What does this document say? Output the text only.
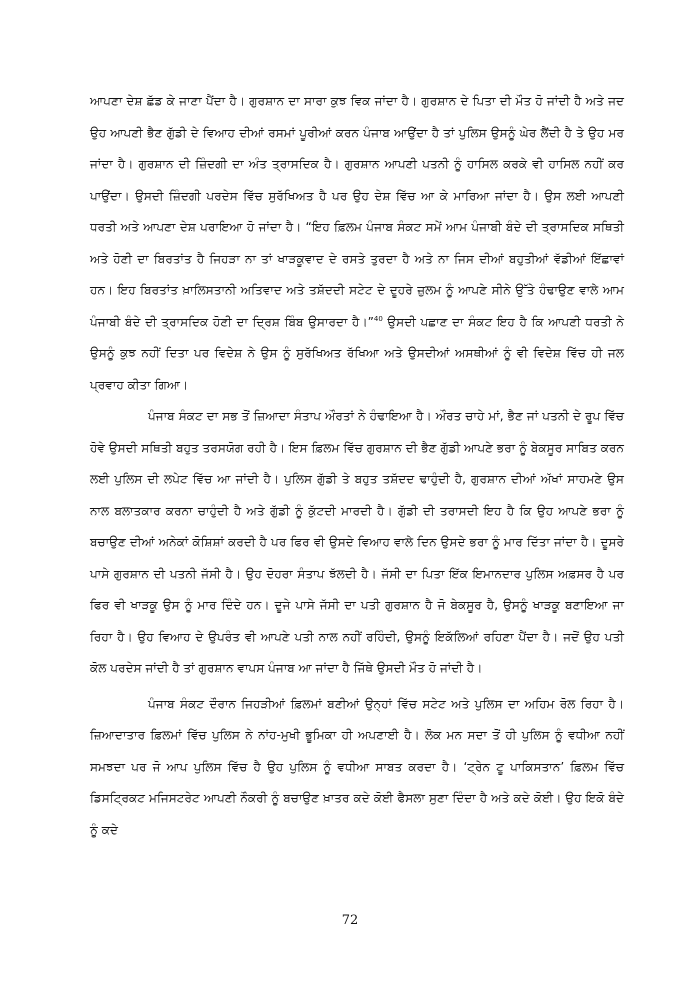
ਆਪਣਾ ਦੇਸ਼ ਛੱਡ ਕੇ ਜਾਣਾ ਪੈਂਦਾ ਹੈ। ਗੁਰਸ਼ਾਨ ਦਾ ਸਾਰਾ ਕੁਝ ਵਿਕ ਜਾਂਦਾ ਹੈ। ਗੁਰਸ਼ਾਨ ਦੇ ਪਿਤਾ ਦੀ ਮੌਤ ਹੋ ਜਾਂਦੀ ਹੈ ਅਤੇ ਜਦ ਉਹ ਆਪਣੀ ਭੈਣ ਗੁੱਡੀ ਦੇ ਵਿਆਹ ਦੀਆਂ ਰਸਮਾਂ ਪੂਰੀਆਂ ਕਰਨ ਪੰਜਾਬ ਆਉਂਦਾ ਹੈ ਤਾਂ ਪੁਲਿਸ ਉਸਨੂੰ ਘੇਰ ਲੈਂਦੀ ਹੈ ਤੇ ਉਹ ਮਰ ਜਾਂਦਾ ਹੈ। ਗੁਰਸ਼ਾਨ ਦੀ ਜ਼ਿੰਦਗੀ ਦਾ ਅੰਤ ਤ੍ਰਾਸਦਿਕ ਹੈ। ਗੁਰਸ਼ਾਨ ਆਪਣੀ ਪਤਨੀ ਨੂੰ ਹਾਸਿਲ ਕਰਕੇ ਵੀ ਹਾਸਿਲ ਨਹੀਂ ਕਰ ਪਾਉਂਦਾ। ਉਸਦੀ ਜ਼ਿੰਦਗੀ ਪਰਦੇਸ ਵਿੱਚ ਸੁਰੱਖਿਅਤ ਹੈ ਪਰ ਉਹ ਦੇਸ਼ ਵਿੱਚ ਆ ਕੇ ਮਾਰਿਆ ਜਾਂਦਾ ਹੈ। ਉਸ ਲਈ ਆਪਣੀ ਧਰਤੀ ਅਤੇ ਆਪਣਾ ਦੇਸ਼ ਪਰਾਇਆ ਹੋ ਜਾਂਦਾ ਹੈ। “ਇਹ ਫ਼ਿਲਮ ਪੰਜਾਬ ਸੰਕਟ ਸਮੇਂ ਆਮ ਪੰਜਾਬੀ ਬੰਦੇ ਦੀ ਤ੍ਰਾਸਦਿਕ ਸਥਿਤੀ ਅਤੇ ਹੋਣੀ ਦਾ ਬਿਰਤਾਂਤ ਹੈ ਜਿਹੜਾ ਨਾ ਤਾਂ ਖਾੜਕੂਵਾਦ ਦੇ ਰਸਤੇ ਤੁਰਦਾ ਹੈ ਅਤੇ ਨਾ ਜਿਸ ਦੀਆਂ ਬਹੁਤੀਆਂ ਵੱਡੀਆਂ ਇੱਛਾਵਾਂ ਹਨ। ਇਹ ਬਿਰਤਾਂਤ ਖ਼ਾਲਿਸਤਾਨੀ ਅਤਿਵਾਦ ਅਤੇ ਤਸ਼ੱਦਦੀ ਸਟੇਟ ਦੇ ਦੂਹਰੇ ਜ਼ੁਲਮ ਨੂੰ ਆਪਣੇ ਸੀਨੇ ਉੱਤੇ ਹੰਢਾਉਣ ਵਾਲੇ ਆਮ ਪੰਜਾਬੀ ਬੰਦੇ ਦੀ ਤ੍ਰਾਸਦਿਕ ਹੋਣੀ ਦਾ ਦ੍ਰਿਸ਼ ਬਿੰਬ ਉਸਾਰਦਾ ਹੈ।”$^{40}$ ਉਸਦੀ ਪਛਾਣ ਦਾ ਸੰਕਟ ਇਹ ਹੈ ਕਿ ਆਪਣੀ ਧਰਤੀ ਨੇ ਉਸਨੂੰ ਕੁਝ ਨਹੀਂ ਦਿਤਾ ਪਰ ਵਿਦੇਸ਼ ਨੇ ਉਸ ਨੂੰ ਸੁਰੱਖਿਅਤ ਰੱਖਿਆ ਅਤੇ ਉਸਦੀਆਂ ਅਸਥੀਆਂ ਨੂੰ ਵੀ ਵਿਦੇਸ਼ ਵਿੱਚ ਹੀ ਜਲ ਪ੍ਰਵਾਹ ਕੀਤਾ ਗਿਆ।

ਪੰਜਾਬ ਸੰਕਟ ਦਾ ਸਭ ਤੋਂ ਜ਼ਿਆਦਾ ਸੰਤਾਪ ਔਰਤਾਂ ਨੇ ਹੰਢਾਇਆ ਹੈ। ਔਰਤ ਚਾਹੇ ਮਾਂ, ਭੈਣ ਜਾਂ ਪਤਨੀ ਦੇ ਰੂਪ ਵਿੱਚ ਹੋਵੇ ਉਸਦੀ ਸਥਿਤੀ ਬਹੁਤ ਤਰਸਯੋਗ ਰਹੀ ਹੈ। ਇਸ ਫ਼ਿਲਮ ਵਿੱਚ ਗੁਰਸ਼ਾਨ ਦੀ ਭੈਣ ਗੁੱਡੀ ਆਪਣੇ ਭਰਾ ਨੂੰ ਬੇਕਸੂਰ ਸਾਬਿਤ ਕਰਨ ਲਈ ਪੁਲਿਸ ਦੀ ਲਪੇਟ ਵਿੱਚ ਆ ਜਾਂਦੀ ਹੈ। ਪੁਲਿਸ ਗੁੱਡੀ ਤੇ ਬਹੁਤ ਤਸ਼ੱਦਦ ਢਾਹੁੰਦੀ ਹੈ, ਗੁਰਸ਼ਾਨ ਦੀਆਂ ਅੱਖਾਂ ਸਾਹਮਣੇ ਉਸ ਨਾਲ ਬਲਾਤਕਾਰ ਕਰਨਾ ਚਾਹੁੰਦੀ ਹੈ ਅਤੇ ਗੁੱਡੀ ਨੂੰ ਕੁੱਟਦੀ ਮਾਰਦੀ ਹੈ। ਗੁੱਡੀ ਦੀ ਤਰਾਸਦੀ ਇਹ ਹੈ ਕਿ ਉਹ ਆਪਣੇ ਭਰਾ ਨੂੰ ਬਚਾਉਣ ਦੀਆਂ ਅਨੇਕਾਂ ਕੋਸ਼ਿਸ਼ਾਂ ਕਰਦੀ ਹੈ ਪਰ ਫਿਰ ਵੀ ਉਸਦੇ ਵਿਆਹ ਵਾਲੇ ਦਿਨ ਉਸਦੇ ਭਰਾ ਨੂੰ ਮਾਰ ਦਿੱਤਾ ਜਾਂਦਾ ਹੈ। ਦੂਸਰੇ ਪਾਸੇ ਗੁਰਸ਼ਾਨ ਦੀ ਪਤਨੀ ਜੱਸੀ ਹੈ। ਉਹ ਦੋਹਰਾ ਸੰਤਾਪ ਝੱਲਦੀ ਹੈ। ਜੱਸੀ ਦਾ ਪਿਤਾ ਇੱਕ ਇਮਾਨਦਾਰ ਪੁਲਿਸ ਅਫ਼ਸਰ ਹੈ ਪਰ ਫਿਰ ਵੀ ਖਾੜਕੂ ਉਸ ਨੂੰ ਮਾਰ ਦਿੰਦੇ ਹਨ। ਦੂਜੇ ਪਾਸੇ ਜੱਸੀ ਦਾ ਪਤੀ ਗੁਰਸ਼ਾਨ ਹੈ ਜੋ ਬੇਕਸੂਰ ਹੈ, ਉਸਨੂੰ ਖਾੜਕੂ ਬਣਾਇਆ ਜਾ ਰਿਹਾ ਹੈ। ਉਹ ਵਿਆਹ ਦੇ ਉਪਰੰਤ ਵੀ ਆਪਣੇ ਪਤੀ ਨਾਲ ਨਹੀਂ ਰਹਿੰਦੀ, ਉਸਨੂੰ ਇਕੱਲਿਆਂ ਰਹਿਣਾ ਪੈਂਦਾ ਹੈ। ਜਦੋਂ ਉਹ ਪਤੀ ਕੋਲ ਪਰਦੇਸ ਜਾਂਦੀ ਹੈ ਤਾਂ ਗੁਰਸ਼ਾਨ ਵਾਪਸ ਪੰਜਾਬ ਆ ਜਾਂਦਾ ਹੈ ਜਿੱਥੇ ਉਸਦੀ ਮੌਤ ਹੋ ਜਾਂਦੀ ਹੈ।

ਪੰਜਾਬ ਸੰਕਟ ਦੌਰਾਨ ਜਿਹੜੀਆਂ ਫ਼ਿਲਮਾਂ ਬਣੀਆਂ ਉਨ੍ਹਾਂ ਵਿੱਚ ਸਟੇਟ ਅਤੇ ਪੁਲਿਸ ਦਾ ਅਹਿਮ ਰੋਲ ਰਿਹਾ ਹੈ। ਜ਼ਿਆਦਾਤਾਰ ਫ਼ਿਲਮਾਂ ਵਿੱਚ ਪੁਲਿਸ ਨੇ ਨਾਂਹ-ਮੁਖੀ ਭੂਮਿਕਾ ਹੀ ਅਪਣਾਈ ਹੈ। ਲੋਕ ਮਨ ਸਦਾ ਤੋਂ ਹੀ ਪੁਲਿਸ ਨੂੰ ਵਧੀਆ ਨਹੀਂ ਸਮਝਦਾ ਪਰ ਜੋ ਆਪ ਪੁਲਿਸ ਵਿੱਚ ਹੈ ਉਹ ਪੁਲਿਸ ਨੂੰ ਵਧੀਆ ਸਾਬਤ ਕਰਦਾ ਹੈ। ‘ਟ੍ਰੇਨ ਟੂ ਪਾਕਿਸਤਾਨ’ ਫ਼ਿਲਮ ਵਿੱਚ ਡਿਸਟ੍ਰਿਕਟ ਮਜਿਸਟਰੇਟ ਆਪਣੀ ਨੌਕਰੀ ਨੂੰ ਬਚਾਉਣ ਖ਼ਾਤਰ ਕਦੇ ਕੋਈ ਫੈਸਲਾ ਸੁਣਾ ਦਿੰਦਾ ਹੈ ਅਤੇ ਕਦੇ ਕੋਈ। ਉਹ ਇਕੋ ਬੰਦੇ ਨੂੰ ਕਦੇ

72
